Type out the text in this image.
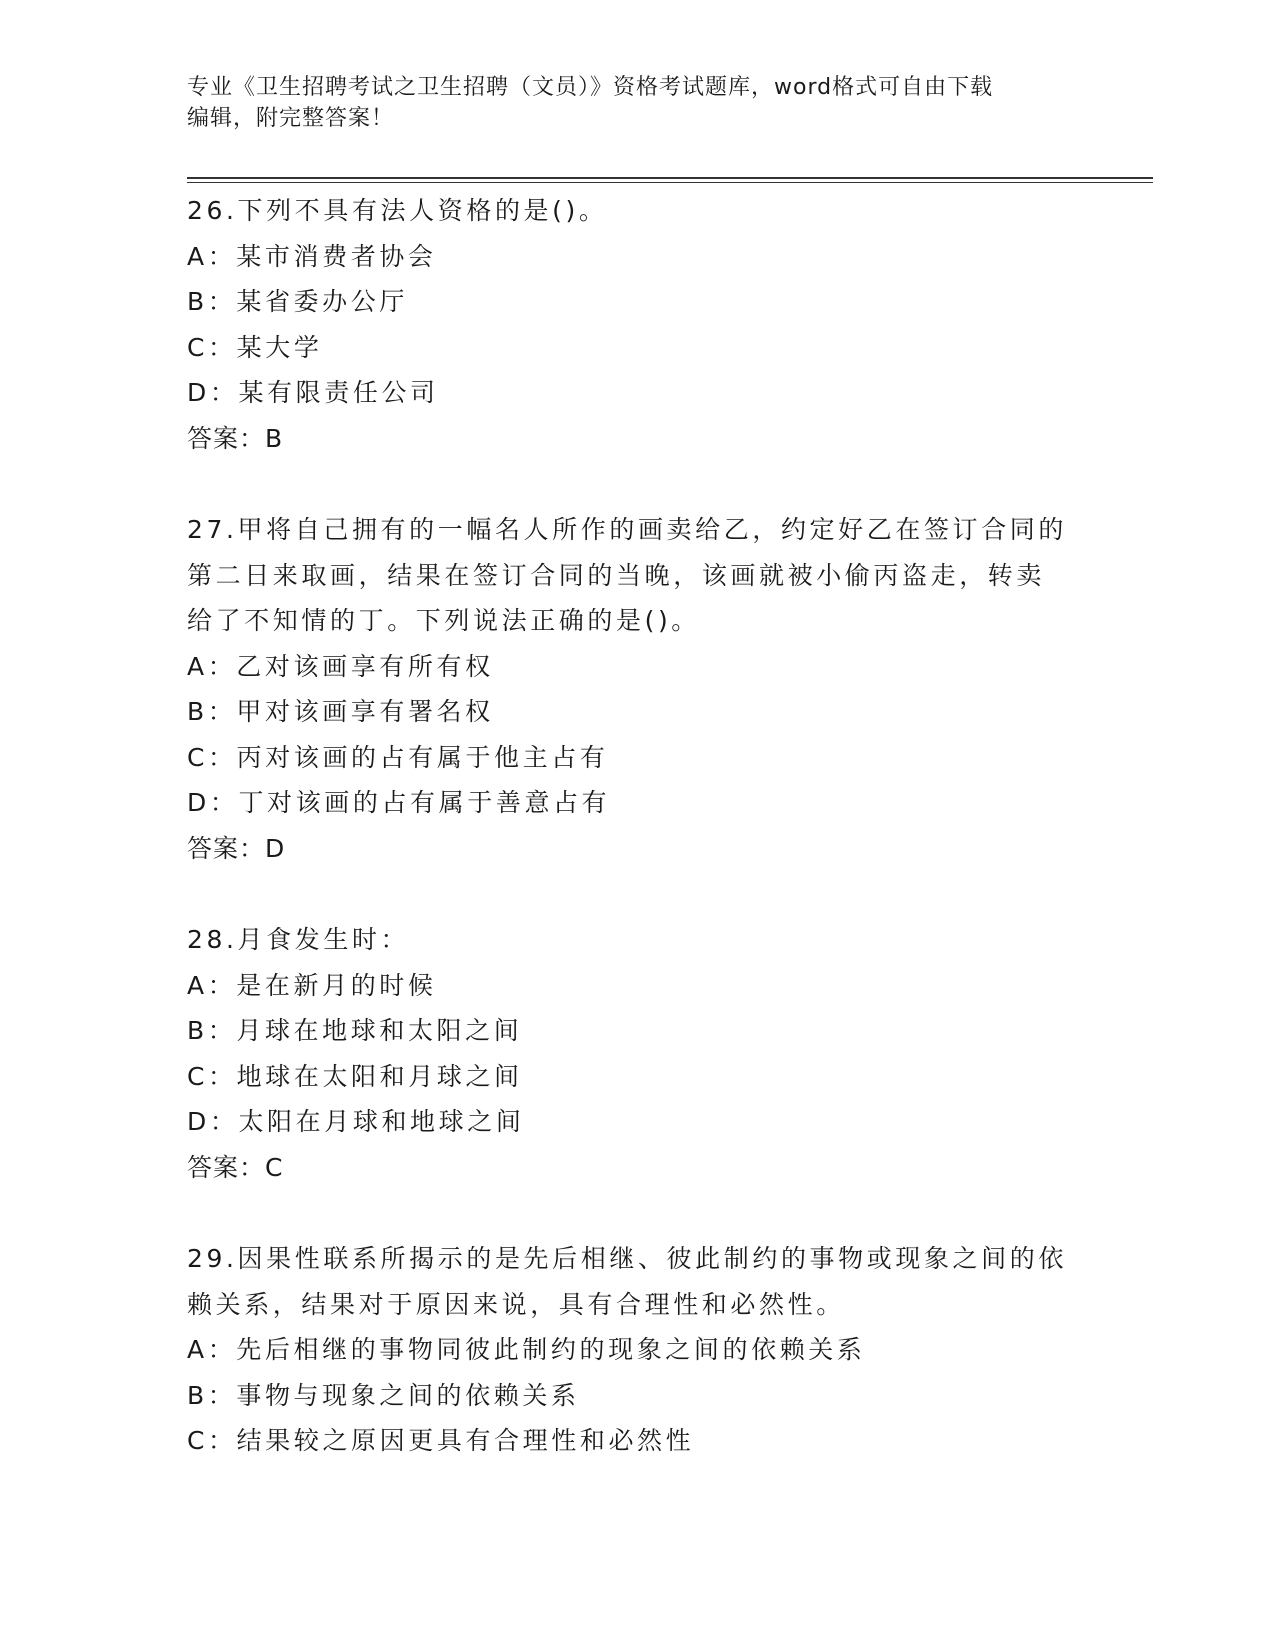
专业《卫生招聘考试之卫生招聘（文员）》资格考试题库，word格式可自由下载
编辑，附完整答案！
26.下列不具有法人资格的是()。
A：某市消费者协会
B：某省委办公厅
C：某大学
D：某有限责任公司
答案：B
27.甲将自己拥有的一幅名人所作的画卖给乙，约定好乙在签订合同的
第二日来取画，结果在签订合同的当晚，该画就被小偷丙盗走，转卖
给了不知情的丁。下列说法正确的是()。
A：乙对该画享有所有权
B：甲对该画享有署名权
C：丙对该画的占有属于他主占有
D：丁对该画的占有属于善意占有
答案：D
28.月食发生时：
A：是在新月的时候
B：月球在地球和太阳之间
C：地球在太阳和月球之间
D：太阳在月球和地球之间
答案：C
29.因果性联系所揭示的是先后相继、彼此制约的事物或现象之间的依
赖关系，结果对于原因来说，具有合理性和必然性。
A：先后相继的事物同彼此制约的现象之间的依赖关系
B：事物与现象之间的依赖关系
C：结果较之原因更具有合理性和必然性
